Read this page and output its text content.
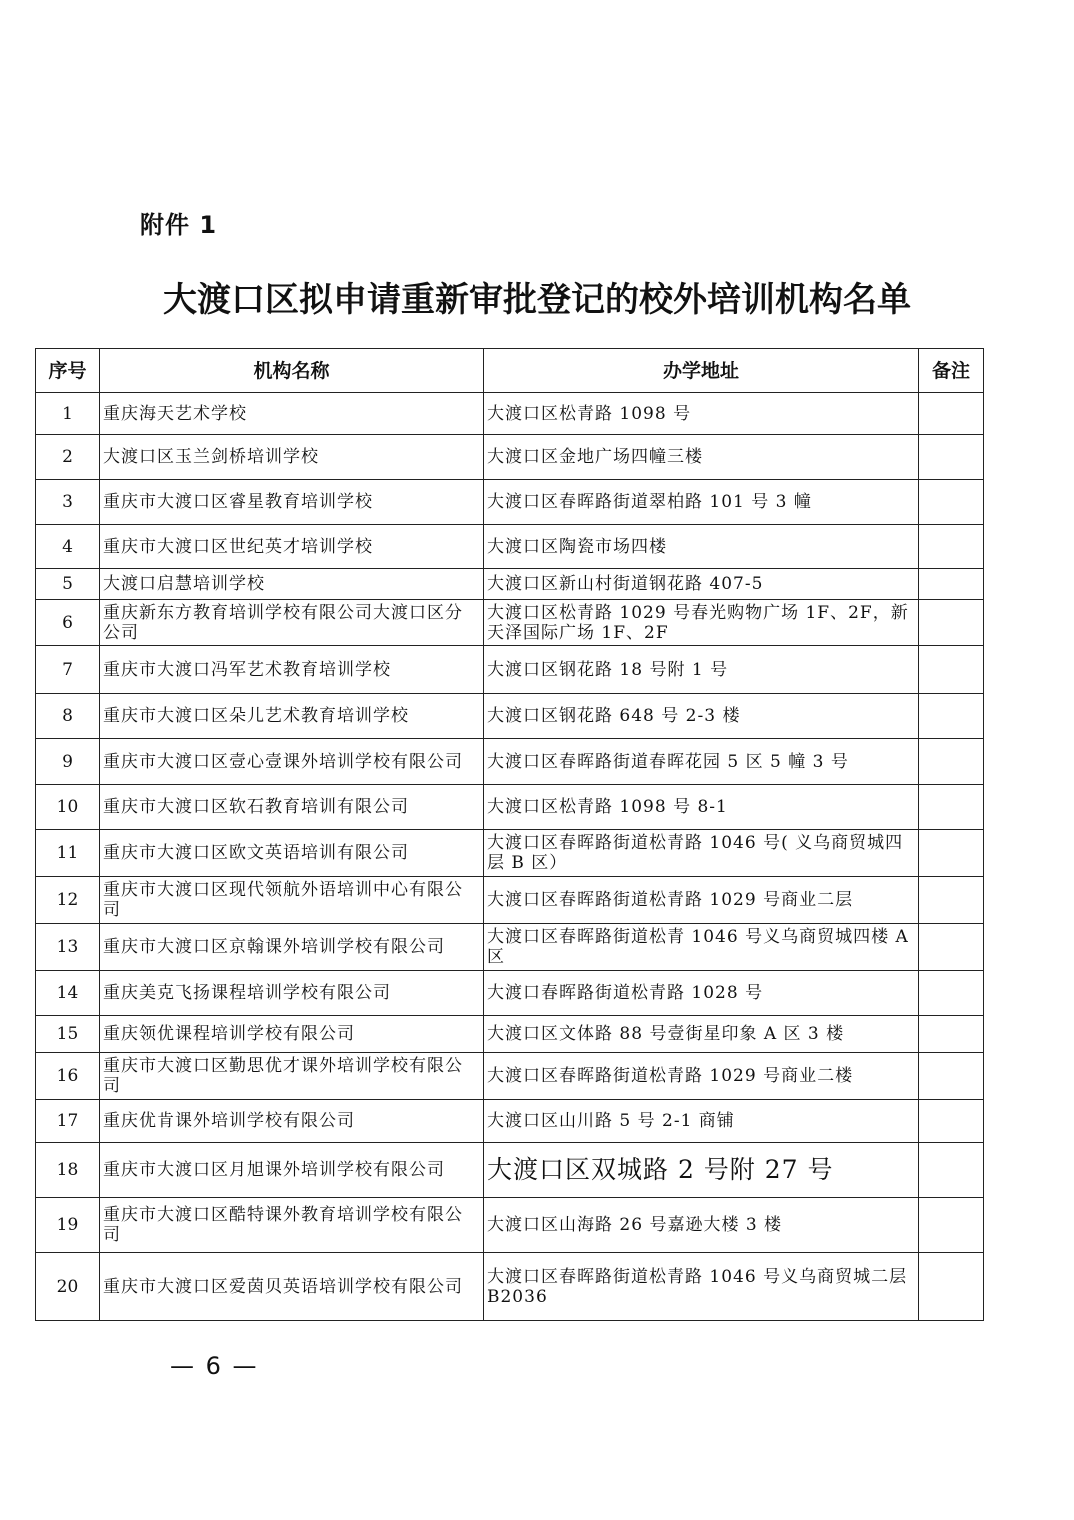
附件 1
大渡口区拟申请重新审批登记的校外培训机构名单
序号	机构名称	办学地址	备注
1	重庆海天艺术学校	大渡口区松青路 1098 号	
2	大渡口区玉兰剑桥培训学校	大渡口区金地广场四幢三楼	
3	重庆市大渡口区睿星教育培训学校	大渡口区春晖路街道翠柏路 101 号 3 幢	
4	重庆市大渡口区世纪英才培训学校	大渡口区陶瓷市场四楼	
5	大渡口启慧培训学校	大渡口区新山村街道钢花路 407-5	
6	重庆新东方教育培训学校有限公司大渡口区分公司	大渡口区松青路 1029 号春光购物广场 1F、2F，新天泽国际广场 1F、2F	
7	重庆市大渡口冯军艺术教育培训学校	大渡口区钢花路 18 号附 1 号	
8	重庆市大渡口区朵儿艺术教育培训学校	大渡口区钢花路 648 号 2-3 楼	
9	重庆市大渡口区壹心壹课外培训学校有限公司	大渡口区春晖路街道春晖花园 5 区 5 幢 3 号	
10	重庆市大渡口区软石教育培训有限公司	大渡口区松青路 1098 号 8-1	
11	重庆市大渡口区欧文英语培训有限公司	大渡口区春晖路街道松青路 1046 号( 义乌商贸城四层 B 区）	
12	重庆市大渡口区现代领航外语培训中心有限公司	大渡口区春晖路街道松青路 1029 号商业二层	
13	重庆市大渡口区京翰课外培训学校有限公司	大渡口区春晖路街道松青 1046 号义乌商贸城四楼 A 区	
14	重庆美克飞扬课程培训学校有限公司	大渡口春晖路街道松青路 1028 号	
15	重庆领优课程培训学校有限公司	大渡口区文体路 88 号壹街星印象 A 区 3 楼	
16	重庆市大渡口区勤思优才课外培训学校有限公司	大渡口区春晖路街道松青路 1029 号商业二楼	
17	重庆优肯课外培训学校有限公司	大渡口区山川路 5 号 2-1 商铺	
18	重庆市大渡口区月旭课外培训学校有限公司	大渡口区双城路 2 号附 27 号	
19	重庆市大渡口区酷特课外教育培训学校有限公司	大渡口区山海路 26 号嘉逊大楼 3 楼	
20	重庆市大渡口区爱茵贝英语培训学校有限公司	大渡口区春晖路街道松青路 1046 号义乌商贸城二层 B2036	
— 6 —
